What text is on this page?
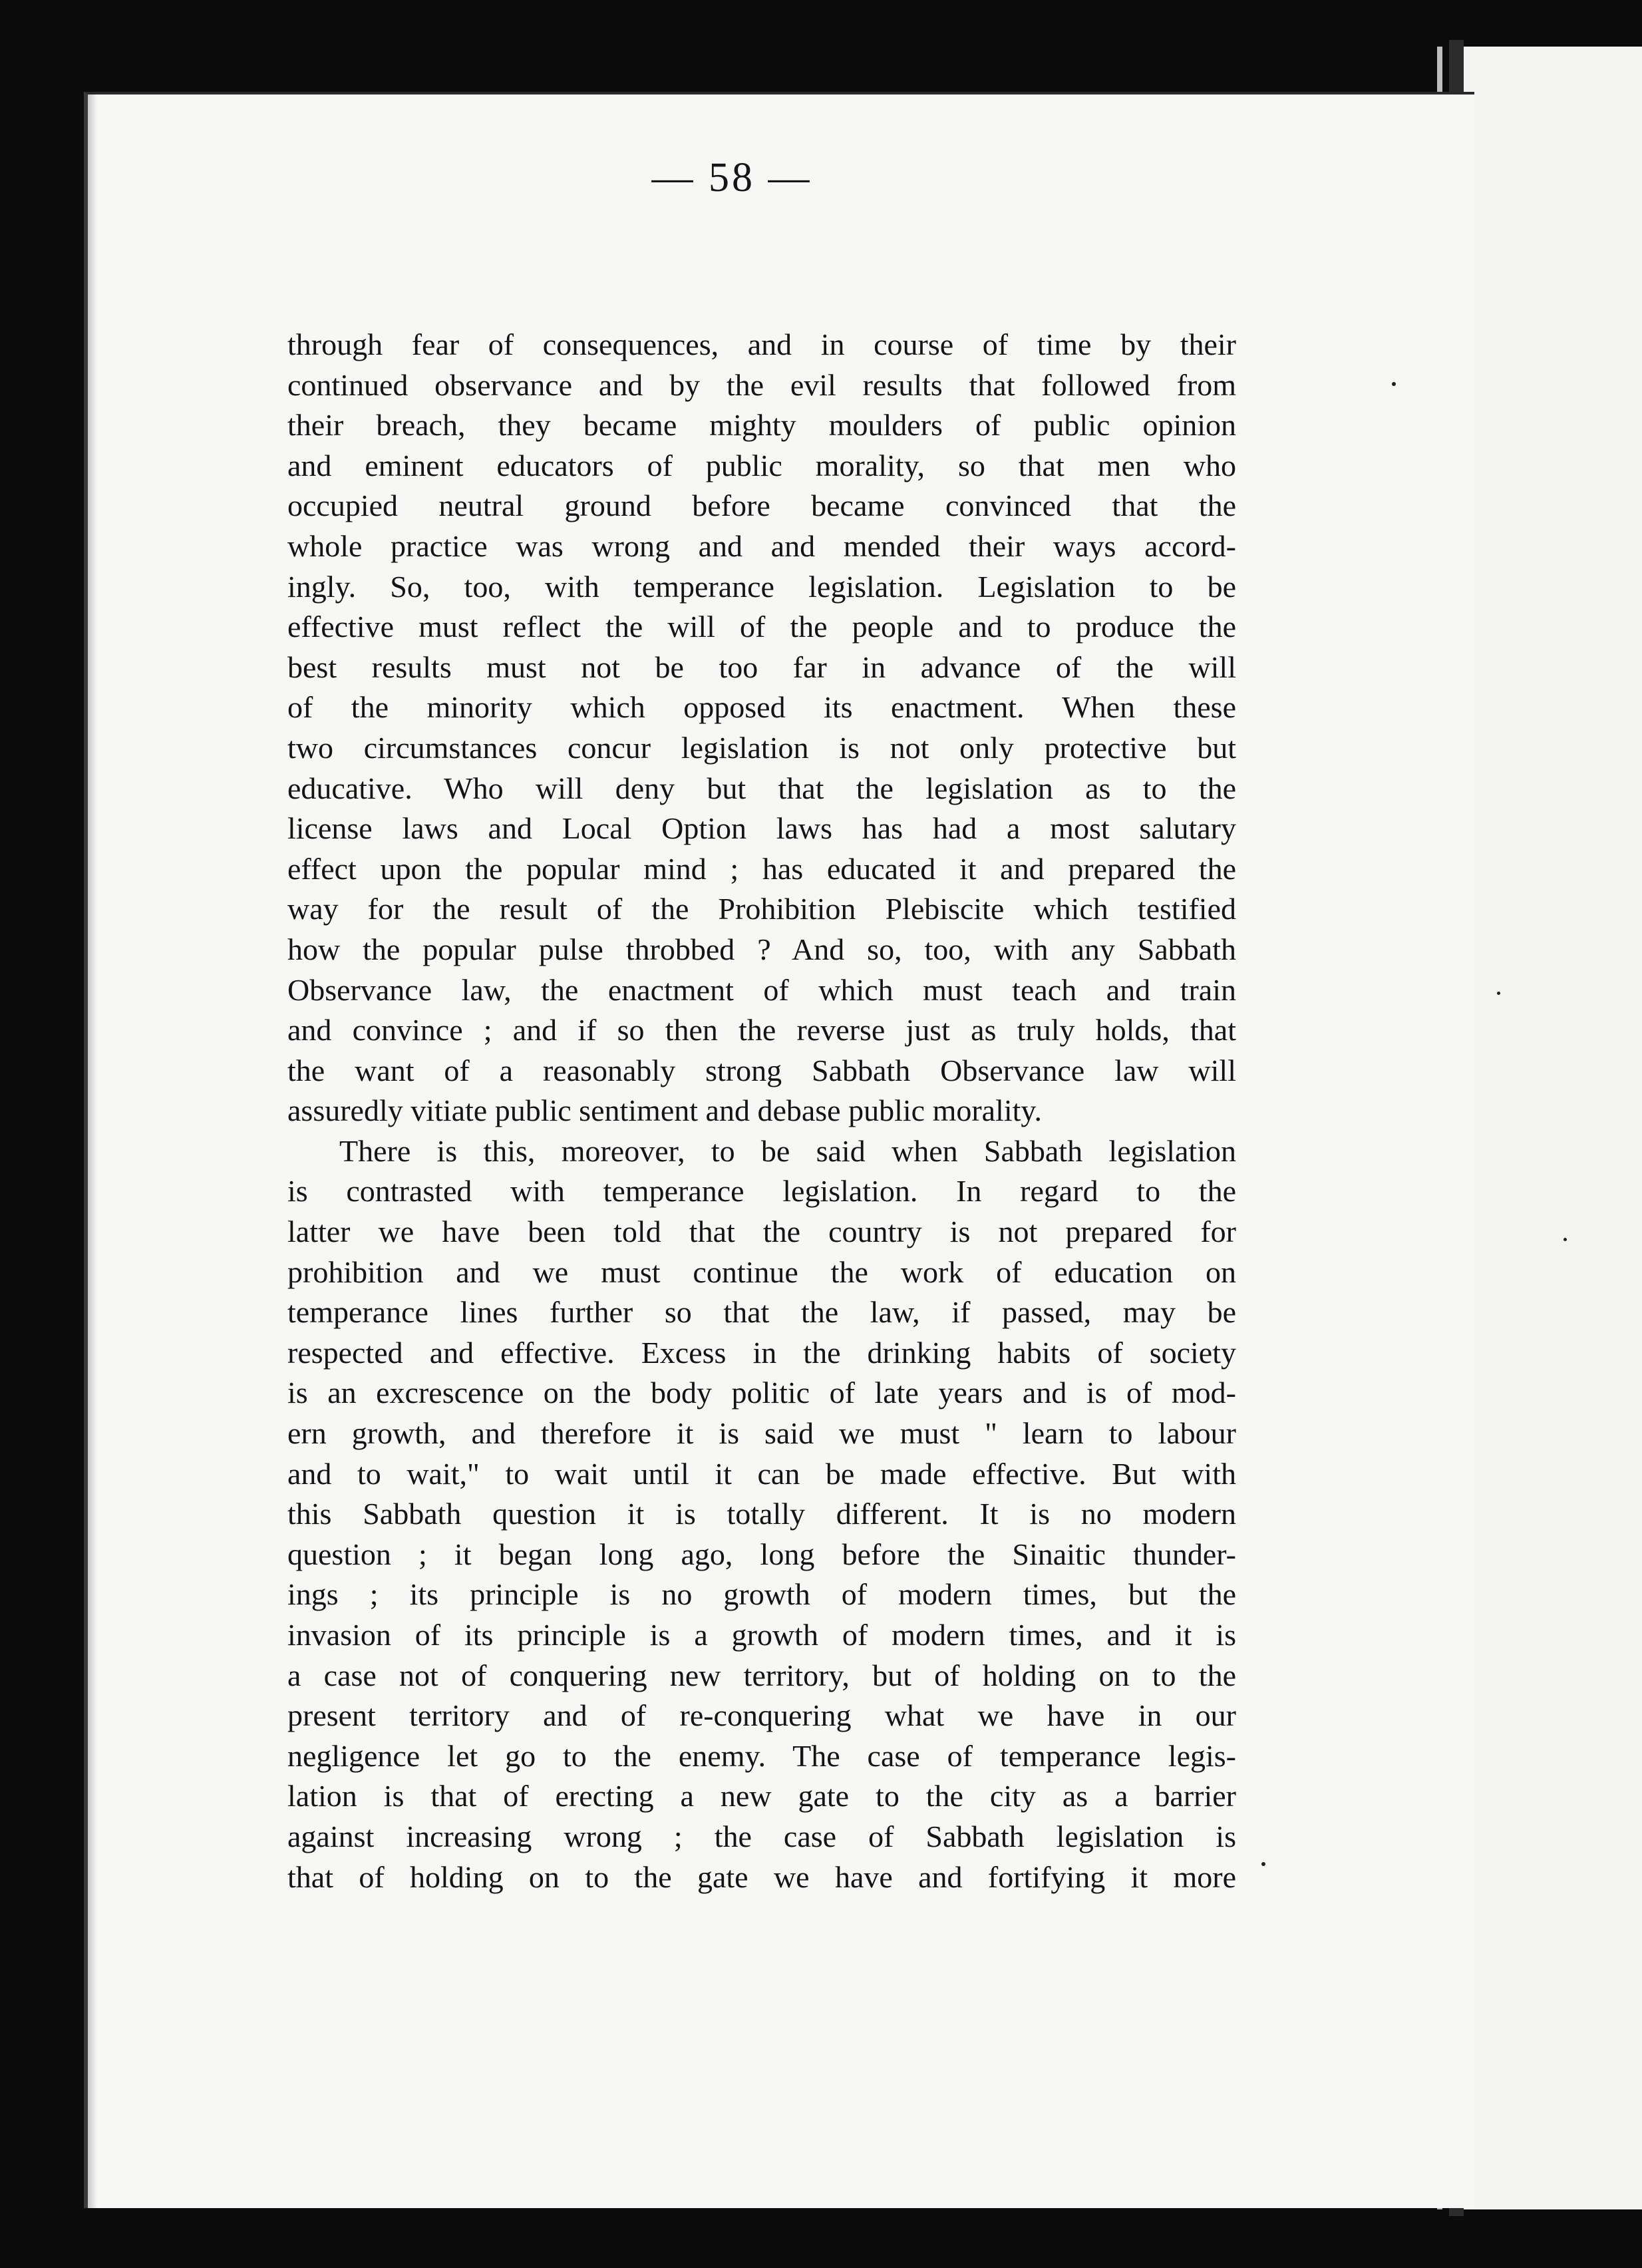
— 58 —
through fear of consequences, and in course of time by their
continued observance and by the evil results that followed from
their breach, they became mighty moulders of public opinion
and eminent educators of public morality, so that men who
occupied neutral ground before became convinced that the
whole practice was wrong and and mended their ways accord-
ingly. So, too, with temperance legislation. Legislation to be
effective must reflect the will of the people and to produce the
best results must not be too far in advance of the will
of the minority which opposed its enactment. When these
two circumstances concur legislation is not only protective but
educative. Who will deny but that the legislation as to the
license laws and Local Option laws has had a most salutary
effect upon the popular mind ; has educated it and prepared the
way for the result of the Prohibition Plebiscite which testified
how the popular pulse throbbed ? And so, too, with any Sabbath
Observance law, the enactment of which must teach and train
and convince ; and if so then the reverse just as truly holds, that
the want of a reasonably strong Sabbath Observance law will
assuredly vitiate public sentiment and debase public morality.
There is this, moreover, to be said when Sabbath legislation
is contrasted with temperance legislation. In regard to the
latter we have been told that the country is not prepared for
prohibition and we must continue the work of education on
temperance lines further so that the law, if passed, may be
respected and effective. Excess in the drinking habits of society
is an excrescence on the body politic of late years and is of mod-
ern growth, and therefore it is said we must " learn to labour
and to wait," to wait until it can be made effective. But with
this Sabbath question it is totally different. It is no modern
question ; it began long ago, long before the Sinaitic thunder-
ings ; its principle is no growth of modern times, but the
invasion of its principle is a growth of modern times, and it is
a case not of conquering new territory, but of holding on to the
present territory and of re-conquering what we have in our
negligence let go to the enemy. The case of temperance legis-
lation is that of erecting a new gate to the city as a barrier
against increasing wrong ; the case of Sabbath legislation is
that of holding on to the gate we have and fortifying it more
